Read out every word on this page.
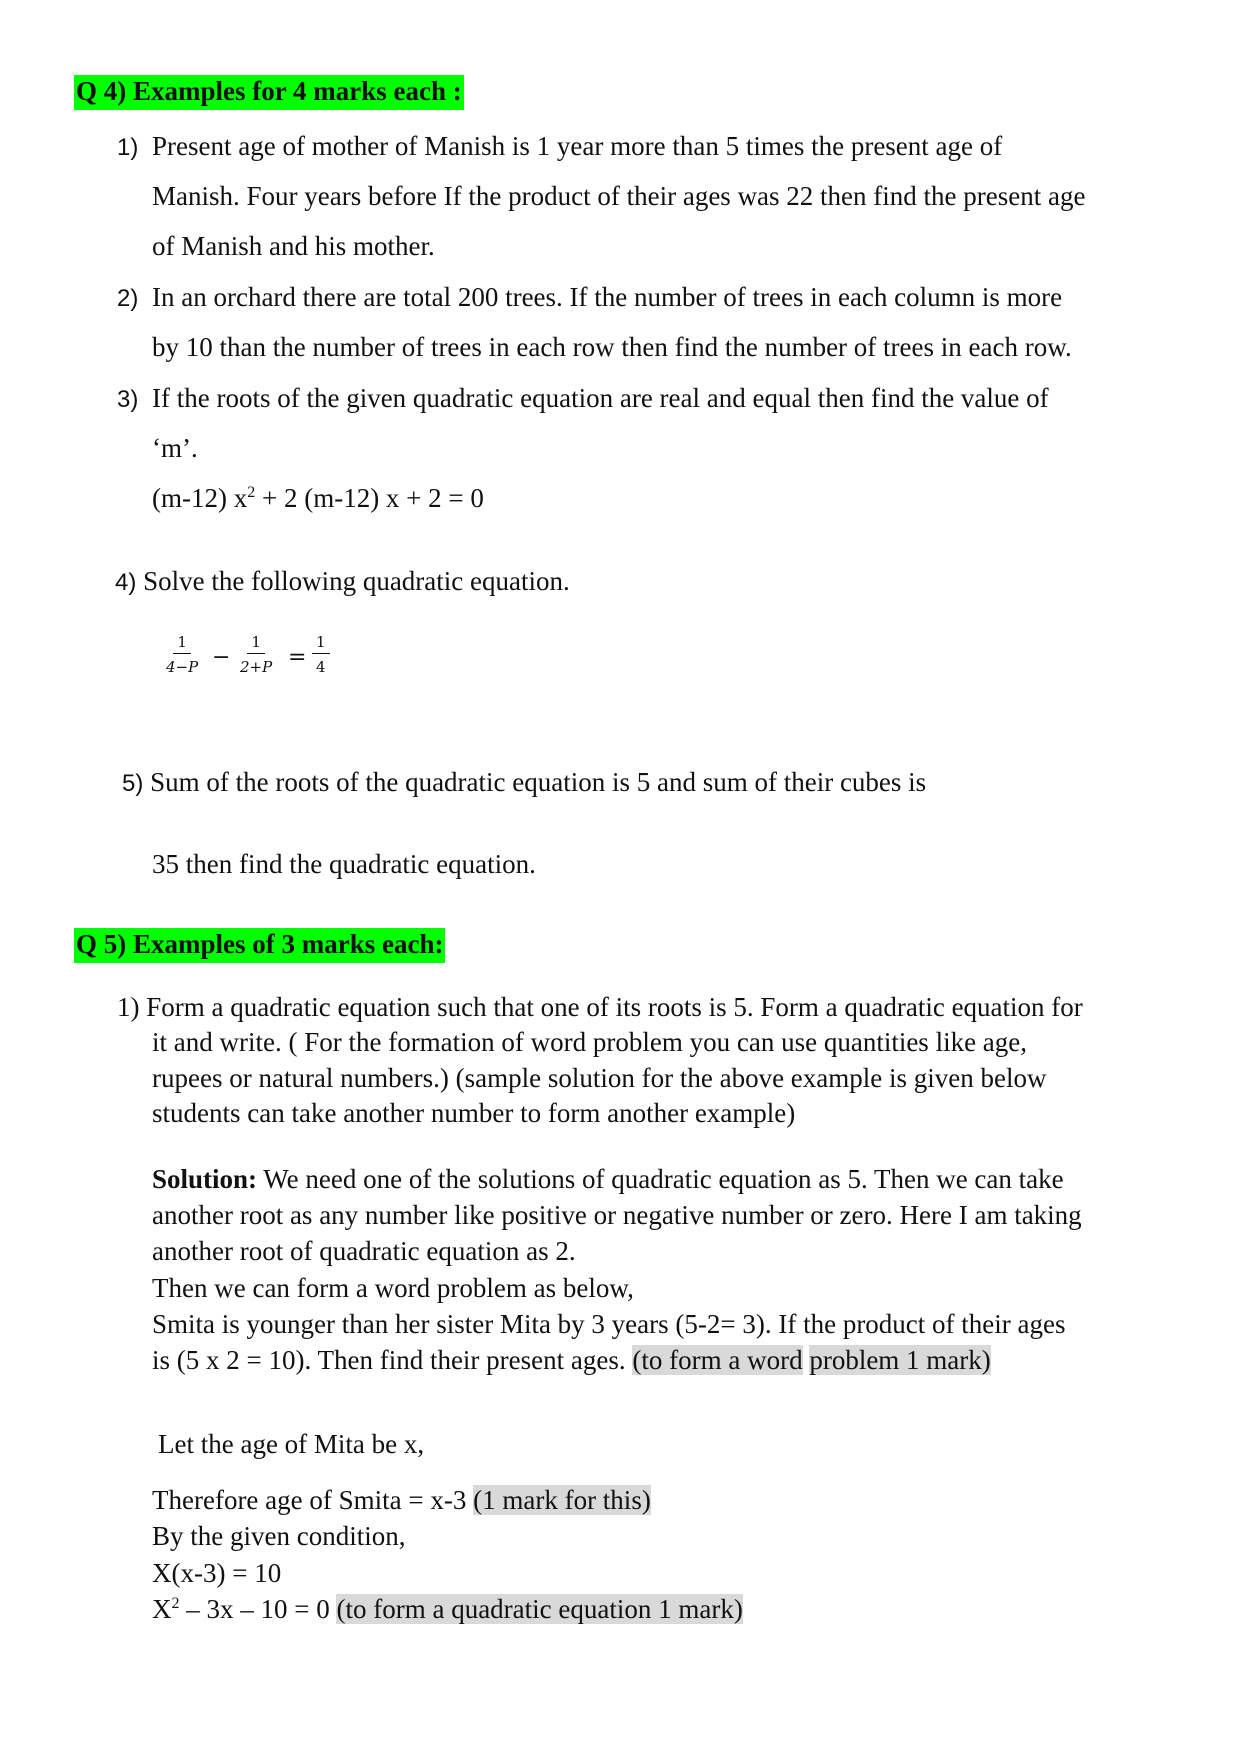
Q 4) Examples for 4 marks each :
1) Present age of mother of Manish is 1 year more than 5 times the present age of
Manish. Four years before If the product of their ages was 22 then find the present age
of Manish and his mother.
2) In an orchard there are total 200 trees. If the number of trees in each column is more
by 10 than the number of trees in each row then find the number of trees in each row.
3) If the roots of the given quadratic equation are real and equal then find the value of
‘m’.
(m-12) $x^2 + 2$ (m-12) x + 2 = 0
4) Solve the following quadratic equation.
$\frac{1}{4-P} - \frac{1}{2+P} = \frac{1}{4}$
5) Sum of the roots of the quadratic equation is 5 and sum of their cubes is
35 then find the quadratic equation.
Q 5) Examples of 3 marks each:
1) Form a quadratic equation such that one of its roots is 5. Form a quadratic equation for
it and write. ( For the formation of word problem you can use quantities like age,
rupees or natural numbers.) (sample solution for the above example is given below
students can take another number to form another example)
Solution: We need one of the solutions of quadratic equation as 5. Then we can take
another root as any number like positive or negative number or zero. Here I am taking
another root of quadratic equation as 2.
Then we can form a word problem as below,
Smita is younger than her sister Mita by 3 years (5-2= 3). If the product of their ages
is (5 x 2 = 10). Then find their present ages. (to form a word problem 1 mark)
Let the age of Mita be x,
Therefore age of Smita = x-3 (1 mark for this)
By the given condition,
X(x-3) = 10
$X^2 - 3x - 10 = 0$ (to form a quadratic equation 1 mark)
